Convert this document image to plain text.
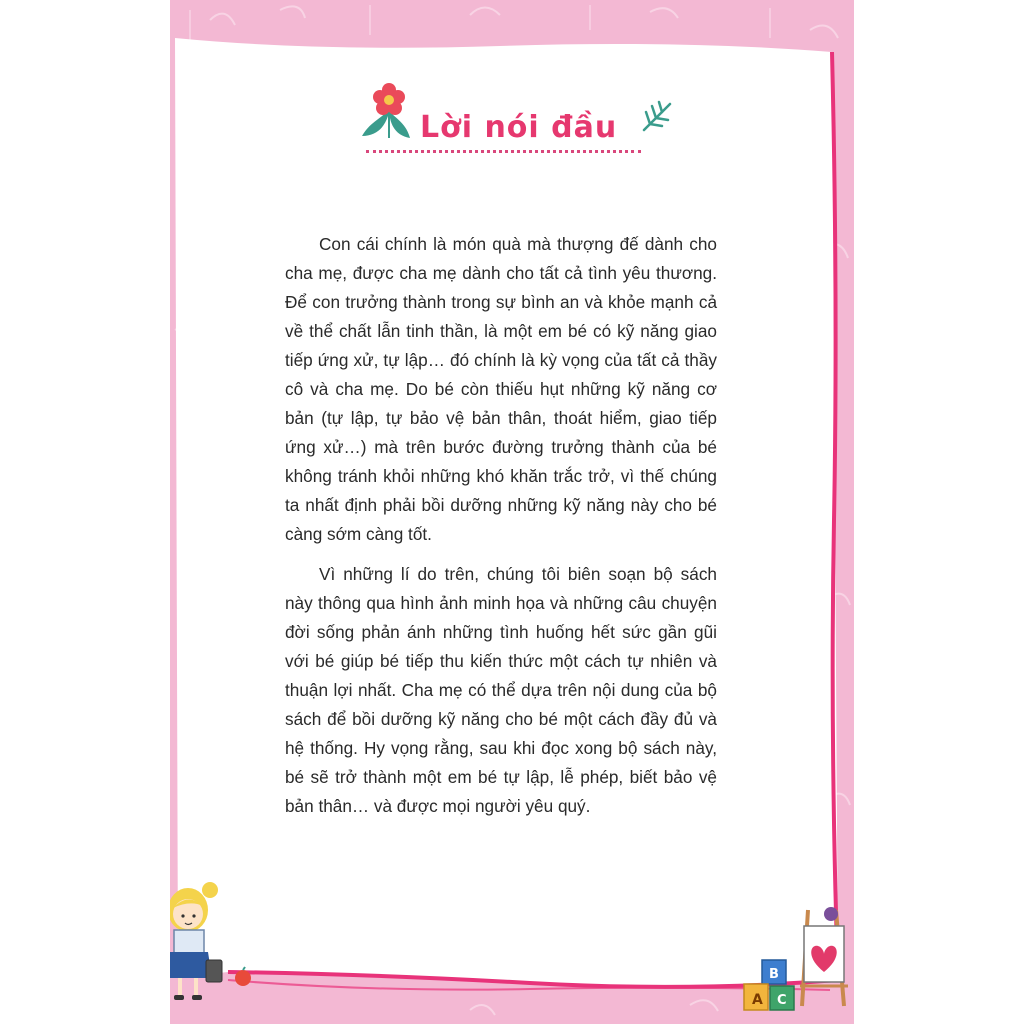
Lời nói đầu

Con cái chính là món quà mà thượng đế dành cho cha mẹ, được cha mẹ dành cho tất cả tình yêu thương. Để con trưởng thành trong sự bình an và khỏe mạnh cả về thể chất lẫn tinh thần, là một em bé có kỹ năng giao tiếp ứng xử, tự lập… đó chính là kỳ vọng của tất cả thầy cô và cha mẹ. Do bé còn thiếu hụt những kỹ năng cơ bản (tự lập, tự bảo vệ bản thân, thoát hiểm, giao tiếp ứng xử…) mà trên bước đường trưởng thành của bé không tránh khỏi những khó khăn trắc trở, vì thế chúng ta nhất định phải bồi dưỡng những kỹ năng này cho bé càng sớm càng tốt.

Vì những lí do trên, chúng tôi biên soạn bộ sách này thông qua hình ảnh minh họa và những câu chuyện đời sống phản ánh những tình huống hết sức gần gũi với bé giúp bé tiếp thu kiến thức một cách tự nhiên và thuận lợi nhất. Cha mẹ có thể dựa trên nội dung của bộ sách để bồi dưỡng kỹ năng cho bé một cách đầy đủ và hệ thống. Hy vọng rằng, sau khi đọc xong bộ sách này, bé sẽ trở thành một em bé tự lập, lễ phép, biết bảo vệ bản thân… và được mọi người yêu quý.

A
B
C
